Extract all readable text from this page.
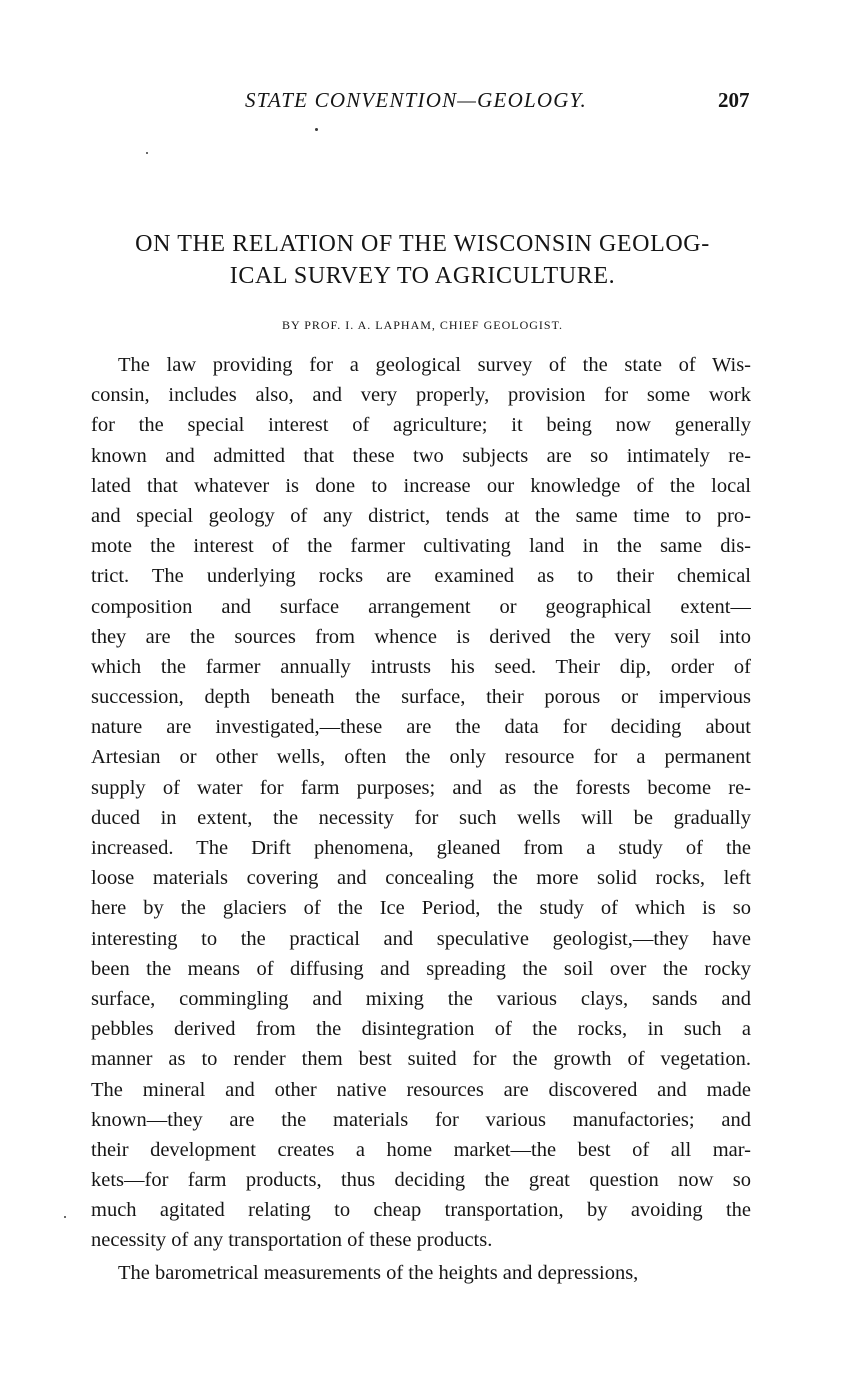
STATE CONVENTION—GEOLOGY.	207
ON THE RELATION OF THE WISCONSIN GEOLOG-
ICAL SURVEY TO AGRICULTURE.
BY PROF. I. A. LAPHAM, CHIEF GEOLOGIST.
The law providing for a geological survey of the state of Wis-
consin, includes also, and very properly, provision for some work
for the special interest of agriculture; it being now generally
known and admitted that these two subjects are so intimately re-
lated that whatever is done to increase our knowledge of the local
and special geology of any district, tends at the same time to pro-
mote the interest of the farmer cultivating land in the same dis-
trict. The underlying rocks are examined as to their chemical
composition and surface arrangement or geographical extent—
they are the sources from whence is derived the very soil into
which the farmer annually intrusts his seed. Their dip, order of
succession, depth beneath the surface, their porous or impervious
nature are investigated,—these are the data for deciding about
Artesian or other wells, often the only resource for a permanent
supply of water for farm purposes; and as the forests become re-
duced in extent, the necessity for such wells will be gradually
increased. The Drift phenomena, gleaned from a study of the
loose materials covering and concealing the more solid rocks, left
here by the glaciers of the Ice Period, the study of which is so
interesting to the practical and speculative geologist,—they have
been the means of diffusing and spreading the soil over the rocky
surface, commingling and mixing the various clays, sands and
pebbles derived from the disintegration of the rocks, in such a
manner as to render them best suited for the growth of vegetation.
The mineral and other native resources are discovered and made
known—they are the materials for various manufactories; and
their development creates a home market—the best of all mar-
kets—for farm products, thus deciding the great question now so
much agitated relating to cheap transportation, by avoiding the
necessity of any transportation of these products.
The barometrical measurements of the heights and depressions,
